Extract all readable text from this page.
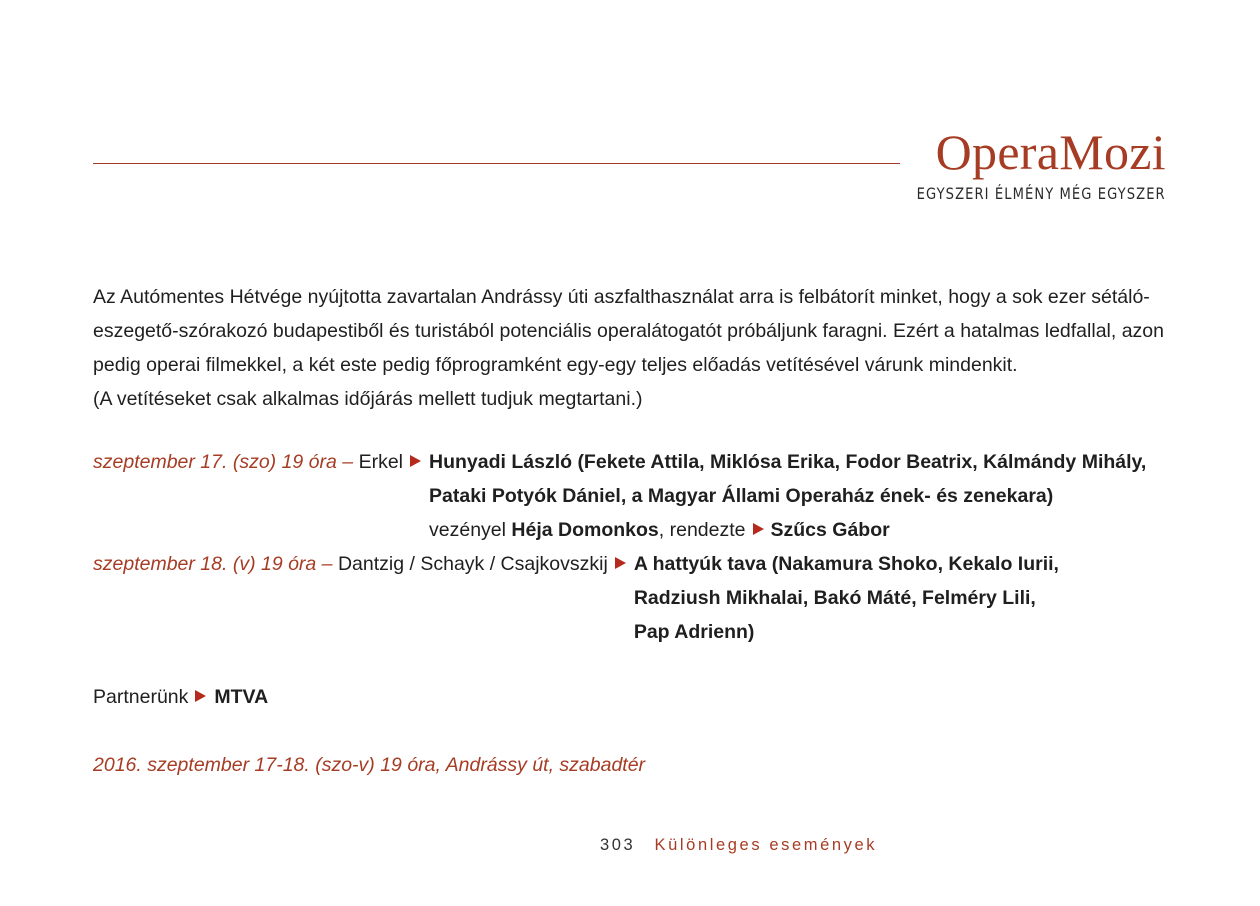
OperaMozi
EGYSZERI ÉLMÉNY MÉG EGYSZER

Az Autómentes Hétvége nyújtotta zavartalan Andrássy úti aszfalthasználat arra is felbátorít minket, hogy a sok ezer sétáló-eszegető-szórakozó budapestiből és turistából potenciális operalátogatót próbáljunk faragni. Ezért a hatalmas ledfallal, azon pedig operai filmekkel, a két este pedig főprogramként egy-egy teljes előadás vetítésével várunk mindenkit.

(A vetítéseket csak alkalmas időjárás mellett tudjuk megtartani.)

szeptember 17. (szo) 19 óra – Erkel	Hunyadi László (Fekete Attila, Miklósa Erika, Fodor Beatrix, Kálmándy Mihály, Pataki Potyók Dániel, a Magyar Állami Operaház ének- és zenekara)
vezényel Héja Domonkos, rendezte Szűcs Gábor
szeptember 18. (v) 19 óra – Dantzig / Schayk / Csajkovszkij	A hattyúk tava (Nakamura Shoko, Kekalo Iurii, Radziush Mikhalai, Bakó Máté, Felméry Lili, Pap Adrienn)
Partnerünk MTVA
2016. szeptember 17-18. (szo-v) 19 óra, Andrássy út, szabadtér
303 Különleges események
